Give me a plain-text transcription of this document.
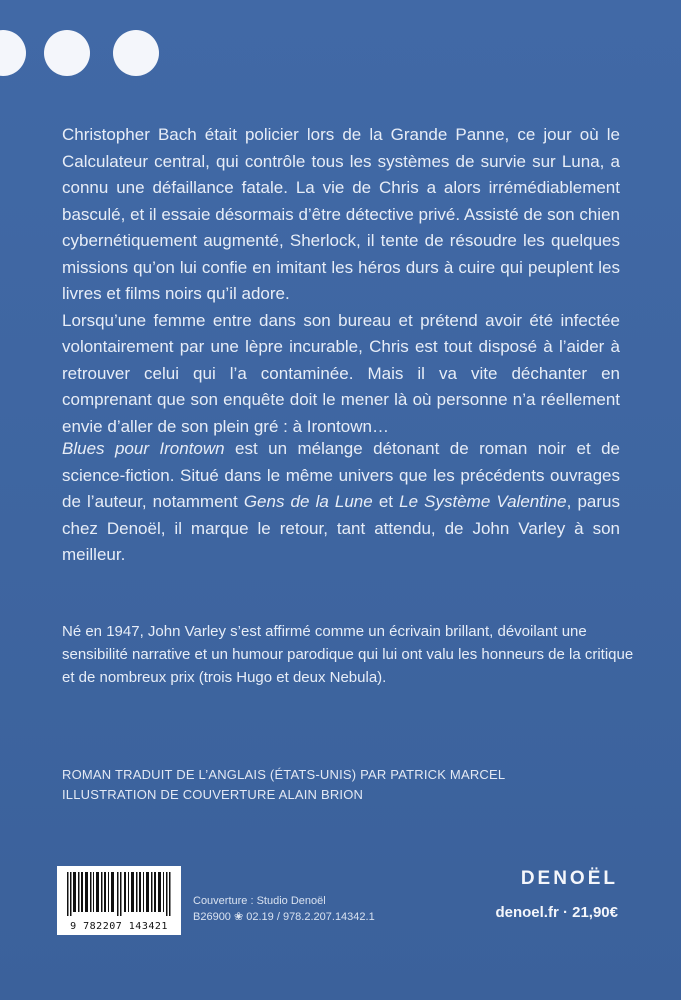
Christopher Bach était policier lors de la Grande Panne, ce jour où le Calculateur central, qui contrôle tous les systèmes de survie sur Luna, a connu une défaillance fatale. La vie de Chris a alors irrémédiablement basculé, et il essaie désormais d’être détective privé. Assisté de son chien cybernétiquement augmenté, Sherlock, il tente de résoudre les quelques missions qu’on lui confie en imitant les héros durs à cuire qui peuplent les livres et films noirs qu’il adore.

Lorsqu’une femme entre dans son bureau et prétend avoir été infectée volontairement par une lèpre incurable, Chris est tout disposé à l’aider à retrouver celui qui l’a contaminée. Mais il va vite déchanter en comprenant que son enquête doit le mener là où personne n’a réellement envie d’aller de son plein gré : à Irontown…

Blues pour Irontown est un mélange détonant de roman noir et de science-fiction. Situé dans le même univers que les précédents ouvrages de l’auteur, notamment Gens de la Lune et Le Système Valentine, parus chez Denoël, il marque le retour, tant attendu, de John Varley à son meilleur.

Né en 1947, John Varley s’est affirmé comme un écrivain brillant, dévoilant une sensibilité narrative et un humour parodique qui lui ont valu les honneurs de la critique et de nombreux prix (trois Hugo et deux Nebula).
ROMAN TRADUIT DE L’ANGLAIS (ÉTATS-UNIS) PAR PATRICK MARCEL
ILLUSTRATION DE COUVERTURE ALAIN BRION
9 782207 143421
Couverture : Studio Denoël
B26900 ❀ 02.19 / 978.2.207.14342.1
DENOËL
denoel.fr · 21,90€
